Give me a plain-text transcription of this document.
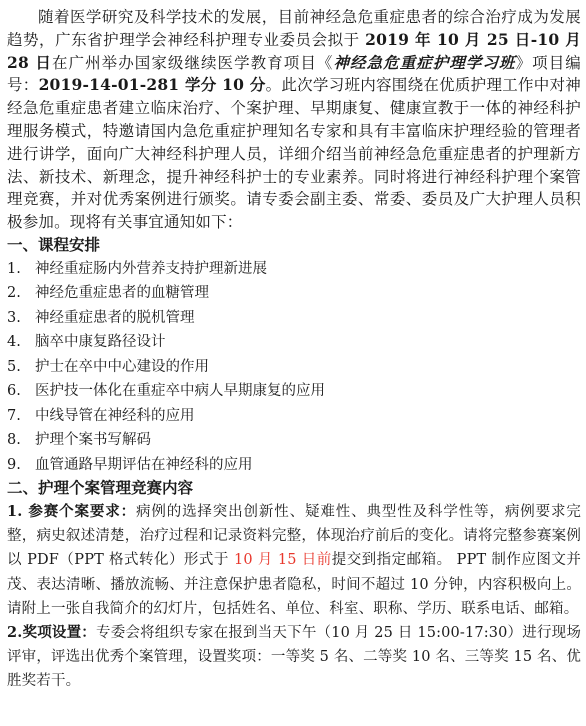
随着医学研究及科学技术的发展，目前神经急危重症患者的综合治疗成为发展趋势，广东省护理学会神经科护理专业委员会拟于 2019 年 10 月 25 日-10 月 28 日在广州举办国家级继续医学教育项目《神经急危重症护理学习班》项目编号：2019-14-01-281 学分 10 分。此次学习班内容围绕在优质护理工作中对神经急危重症患者建立临床治疗、个案护理、早期康复、健康宣教于一体的神经科护理服务模式，特邀请国内急危重症护理知名专家和具有丰富临床护理经验的管理者进行讲学，面向广大神经科护理人员，详细介绍当前神经急危重症患者的护理新方法、新技术、新理念，提升神经科护士的专业素养。同时将进行神经科护理个案管理竞赛，并对优秀案例进行颁奖。请专委会副主委、常委、委员及广大护理人员积极参加。现将有关事宜通知如下：

一、课程安排

1. 神经重症肠内外营养支持护理新进展
2. 神经危重症患者的血糖管理
3. 神经重症患者的脱机管理
4. 脑卒中康复路径设计
5. 护士在卒中中心建设的作用
6. 医护技一体化在重症卒中病人早期康复的应用
7. 中线导管在神经科的应用
8. 护理个案书写解码
9. 血管通路早期评估在神经科的应用

二、护理个案管理竞赛内容

1. 参赛个案要求：病例的选择突出创新性、疑难性、典型性及科学性等，病例要求完整，病史叙述清楚，治疗过程和记录资料完整，体现治疗前后的变化。请将完整参赛案例以 PDF（PPT 格式转化）形式于 10 月 15 日前提交到指定邮箱。 PPT 制作应图文并茂、表达清晰、播放流畅、并注意保护患者隐私，时间不超过 10 分钟，内容积极向上。请附上一张自我简介的幻灯片，包括姓名、单位、科室、职称、学历、联系电话、邮箱。

2.奖项设置：专委会将组织专家在报到当天下午（10 月 25 日 15:00-17:30）进行现场评审，评选出优秀个案管理，设置奖项：一等奖 5 名、二等奖 10 名、三等奖 15 名、优胜奖若干。
